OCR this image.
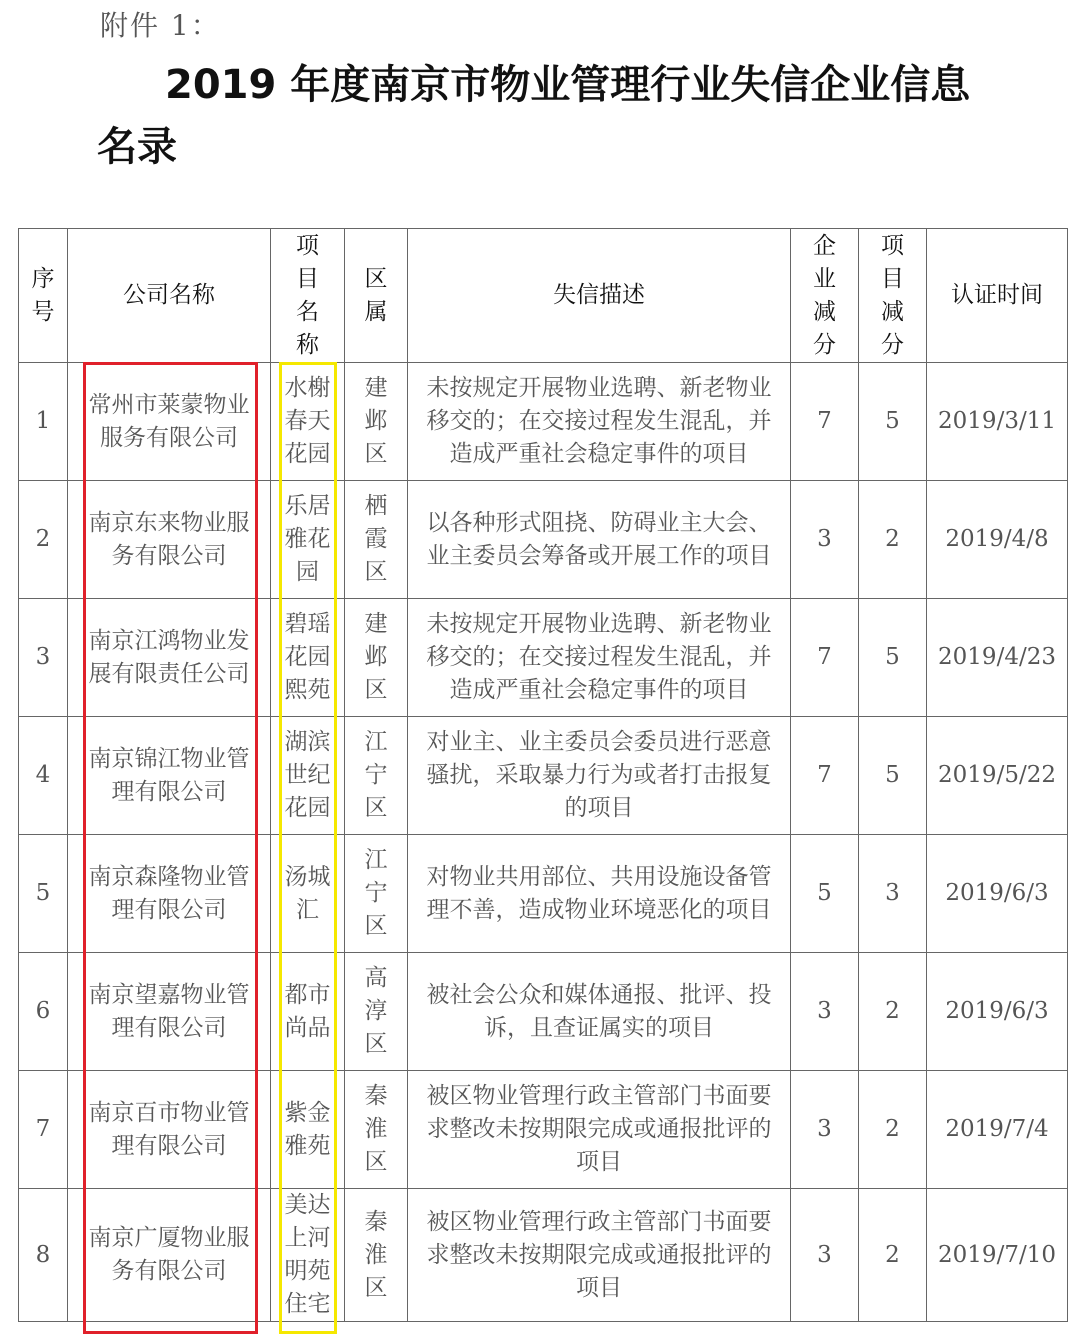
附件 1：
2019 年度南京市物业管理行业失信企业信息名录
序号	公司名称	项目名称	区属	失信描述	企业减分	项目减分	认证时间

1	常州市莱蒙物业服务有限公司	水榭春天花园	建邺区	未按规定开展物业选聘、新老物业移交的；在交接过程发生混乱，并造成严重社会稳定事件的项目	7	5	2019/3/11

2	南京东来物业服务有限公司	乐居雅花园	栖霞区	以各种形式阻挠、防碍业主大会、业主委员会筹备或开展工作的项目	3	2	2019/4/8

3	南京江鸿物业发展有限责任公司	碧瑶花园熙苑	建邺区	未按规定开展物业选聘、新老物业移交的；在交接过程发生混乱，并造成严重社会稳定事件的项目	7	5	2019/4/23

4	南京锦江物业管理有限公司	湖滨世纪花园	江宁区	对业主、业主委员会委员进行恶意骚扰，采取暴力行为或者打击报复的项目	7	5	2019/5/22

5	南京森隆物业管理有限公司	汤城汇	江宁区	对物业共用部位、共用设施设备管理不善，造成物业环境恶化的项目	5	3	2019/6/3

6	南京望嘉物业管理有限公司	都市尚品	高淳区	被社会公众和媒体通报、批评、投诉，且查证属实的项目	3	2	2019/6/3

7	南京百市物业管理有限公司	紫金雅苑	秦淮区	被区物业管理行政主管部门书面要求整改未按期限完成或通报批评的项目	3	2	2019/7/4

8	南京广厦物业服务有限公司	美达上河明苑住宅	秦淮区	被区物业管理行政主管部门书面要求整改未按期限完成或通报批评的项目	3	2	2019/7/10
